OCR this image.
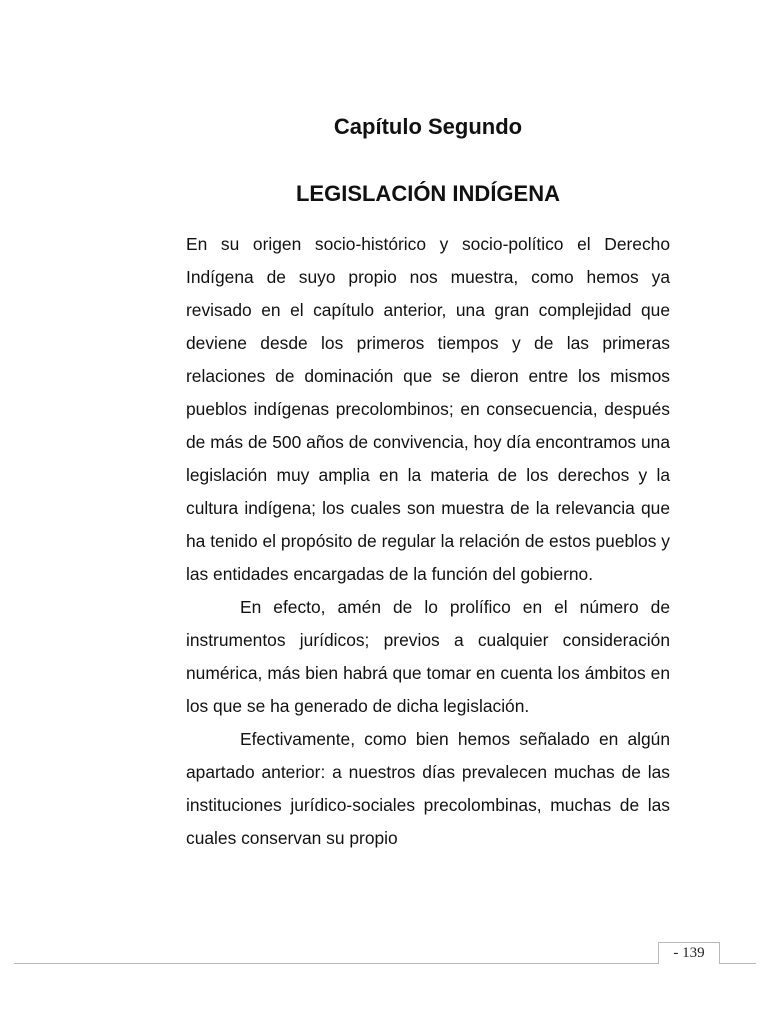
Capítulo Segundo
LEGISLACIÓN INDÍGENA

En su origen socio-histórico y socio-político el Derecho Indígena de suyo propio nos muestra, como hemos ya revisado en el capítulo anterior, una gran complejidad que deviene desde los primeros tiempos y de las primeras relaciones de dominación que se dieron entre los mismos pueblos indígenas precolombinos; en consecuencia, después de más de 500 años de convivencia, hoy día encontramos una legislación muy amplia en la materia de los derechos y la cultura indígena; los cuales son muestra de la relevancia que ha tenido el propósito de regular la relación de estos pueblos y las entidades encargadas de la función del gobierno.

En efecto, amén de lo prolífico en el número de instrumentos jurídicos; previos a cualquier consideración numérica, más bien habrá que tomar en cuenta los ámbitos en los que se ha generado de dicha legislación.

Efectivamente, como bien hemos señalado en algún apartado anterior: a nuestros días prevalecen muchas de las instituciones jurídico-sociales precolombinas, muchas de las cuales conservan su propio

- 139
